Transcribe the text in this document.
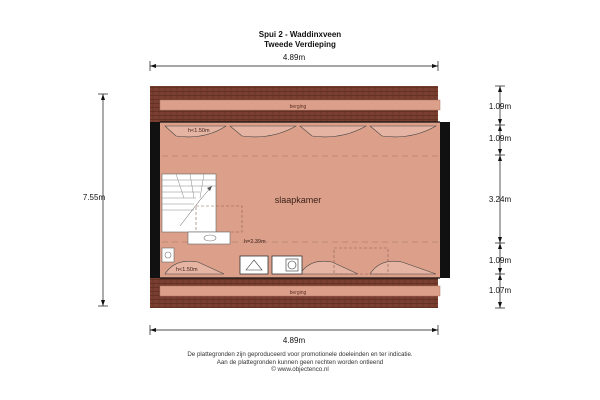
Spui 2 - Waddinxveen
Tweede Verdieping
4.89m
berging
berging
slaapkamer
h<1.50m
h=2.39m
h<1.50m
7.55m
1.09m
1.09m
3.24m
1.09m
1.07m
4.89m
De plattegronden zijn geproduceerd voor promotionele doeleinden en ter indicatie.
Aan de plattegronden kunnen geen rechten worden ontleend
© www.objectenco.nl
